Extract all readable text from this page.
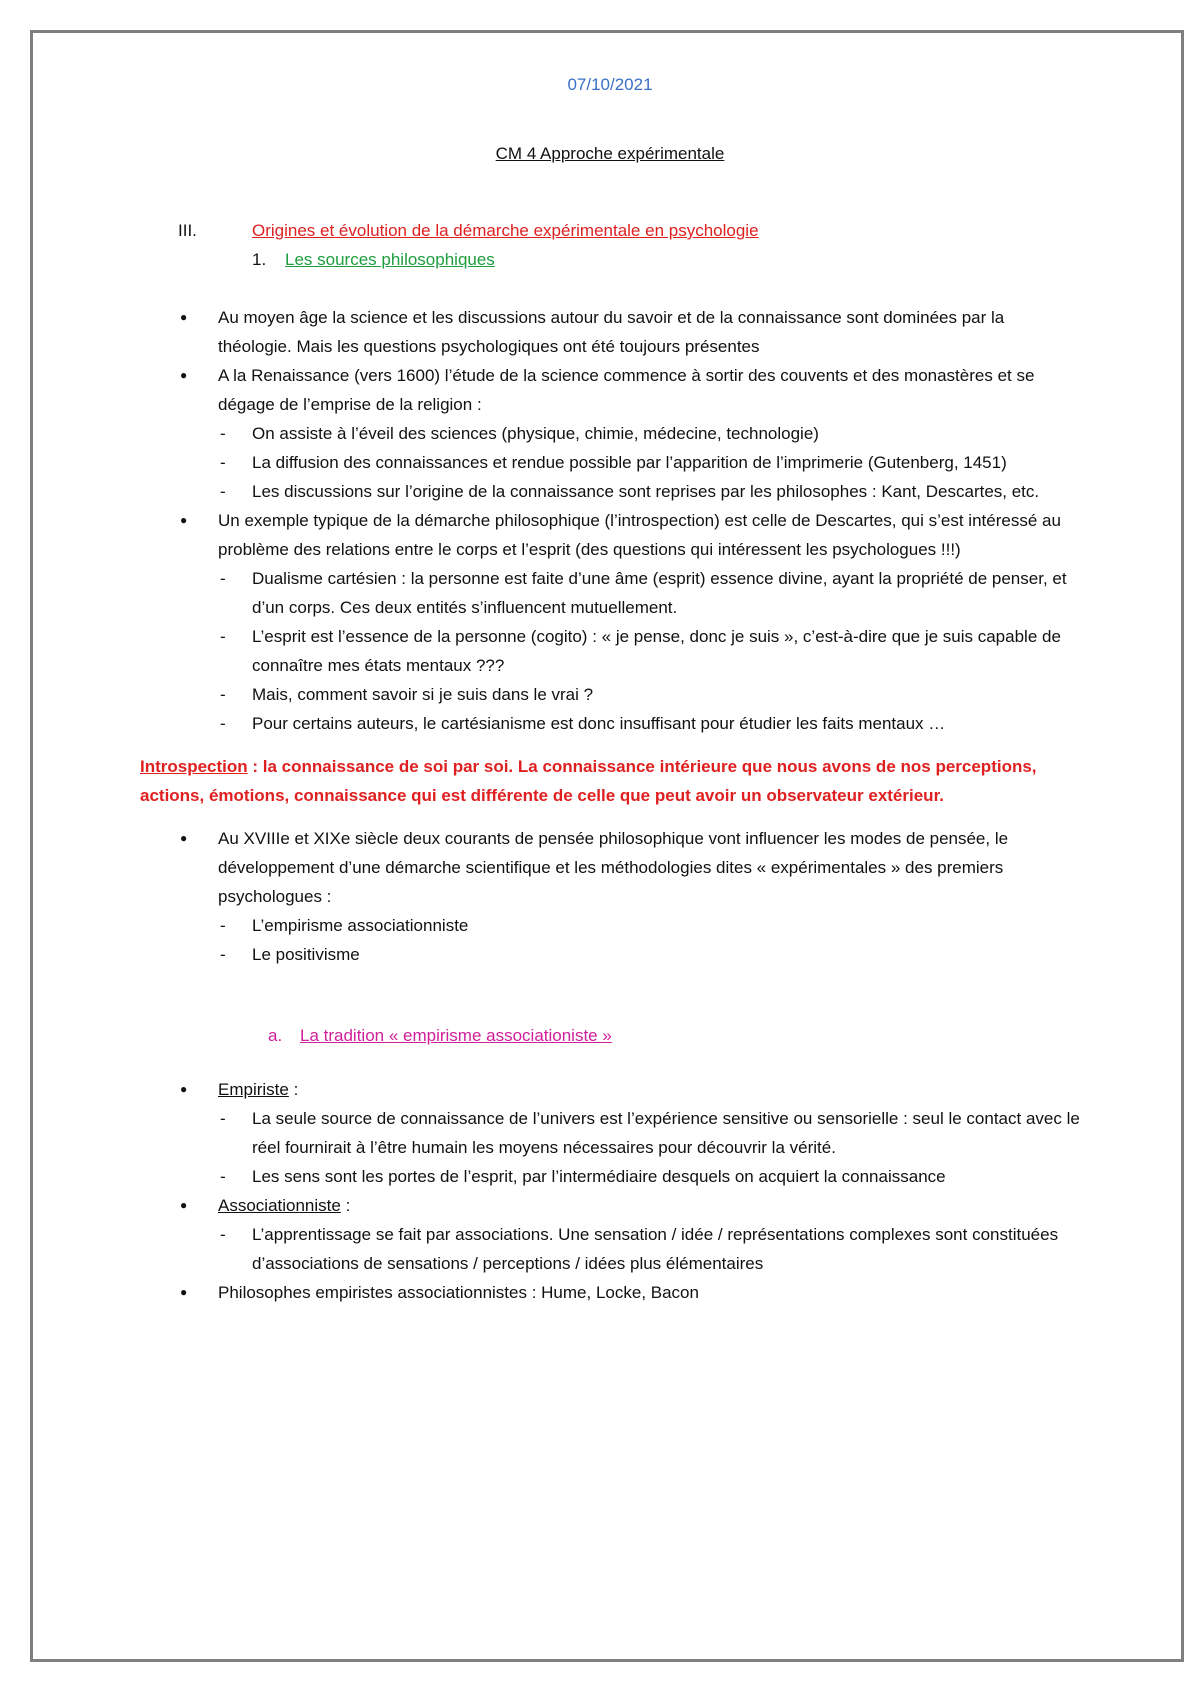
07/10/2021
CM 4 Approche expérimentale
III.	Origines et évolution de la démarche expérimentale en psychologie
1. Les sources philosophiques
● Au moyen âge la science et les discussions autour du savoir et de la connaissance sont dominées par la théologie. Mais les questions psychologiques ont été toujours présentes
● A la Renaissance (vers 1600) l’étude de la science commence à sortir des couvents et des monastères et se dégage de l’emprise de la religion :
- On assiste à l’éveil des sciences (physique, chimie, médecine, technologie)
- La diffusion des connaissances et rendue possible par l’apparition de l’imprimerie (Gutenberg, 1451)
- Les discussions sur l’origine de la connaissance sont reprises par les philosophes : Kant, Descartes, etc.
● Un exemple typique de la démarche philosophique (l’introspection) est celle de Descartes, qui s’est intéressé au problème des relations entre le corps et l’esprit (des questions qui intéressent les psychologues !!!)
- Dualisme cartésien : la personne est faite d’une âme (esprit) essence divine, ayant la propriété de penser, et d’un corps. Ces deux entités s’influencent mutuellement.
- L’esprit est l’essence de la personne (cogito) : « je pense, donc je suis », c’est-à-dire que je suis capable de connaître mes états mentaux ???
- Mais, comment savoir si je suis dans le vrai ?
- Pour certains auteurs, le cartésianisme est donc insuffisant pour étudier les faits mentaux …
Introspection : la connaissance de soi par soi. La connaissance intérieure que nous avons de nos perceptions, actions, émotions, connaissance qui est différente de celle que peut avoir un observateur extérieur.
● Au XVIIIe et XIXe siècle deux courants de pensée philosophique vont influencer les modes de pensée, le développement d’une démarche scientifique et les méthodologies dites « expérimentales » des premiers psychologues :
- L’empirisme associationniste
- Le positivisme
a. La tradition « empirisme associationiste »
● Empiriste :
- La seule source de connaissance de l’univers est l’expérience sensitive ou sensorielle : seul le contact avec le réel fournirait à l’être humain les moyens nécessaires pour découvrir la vérité.
- Les sens sont les portes de l’esprit, par l’intermédiaire desquels on acquiert la connaissance
● Associationniste :
- L’apprentissage se fait par associations. Une sensation / idée / représentations complexes sont constituées d’associations de sensations / perceptions / idées plus élémentaires
● Philosophes empiristes associationnistes : Hume, Locke, Bacon
